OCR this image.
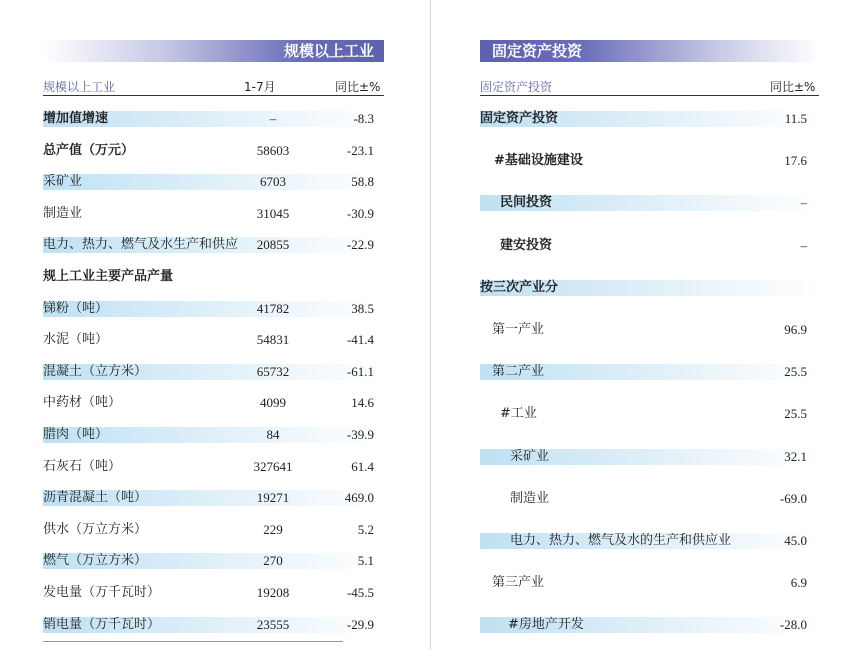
规模以上工业
规模以上工业	1-7月	同比±%
增加值增速	–	-8.3
总产值（万元）	58603	-23.1
采矿业	6703	58.8
制造业	31045	-30.9
电力、热力、燃气及水生产和供应	20855	-22.9
规上工业主要产品产量
锑粉（吨）	41782	38.5
水泥（吨）	54831	-41.4
混凝土（立方米）	65732	-61.1
中药材（吨）	4099	14.6
腊肉（吨）	84	-39.9
石灰石（吨）	327641	61.4
沥青混凝土（吨）	19271	469.0
供水（万立方米）	229	5.2
燃气（万立方米）	270	5.1
发电量（万千瓦时）	19208	-45.5
销电量（万千瓦时）	23555	-29.9
固定资产投资
固定资产投资	同比±%
固定资产投资	11.5
#基础设施建设	17.6
民间投资	–
建安投资	–
按三次产业分
第一产业	96.9
第二产业	25.5
#工业	25.5
采矿业	32.1
制造业	-69.0
电力、热力、燃气及水的生产和供应业	45.0
第三产业	6.9
#房地产开发	-28.0
